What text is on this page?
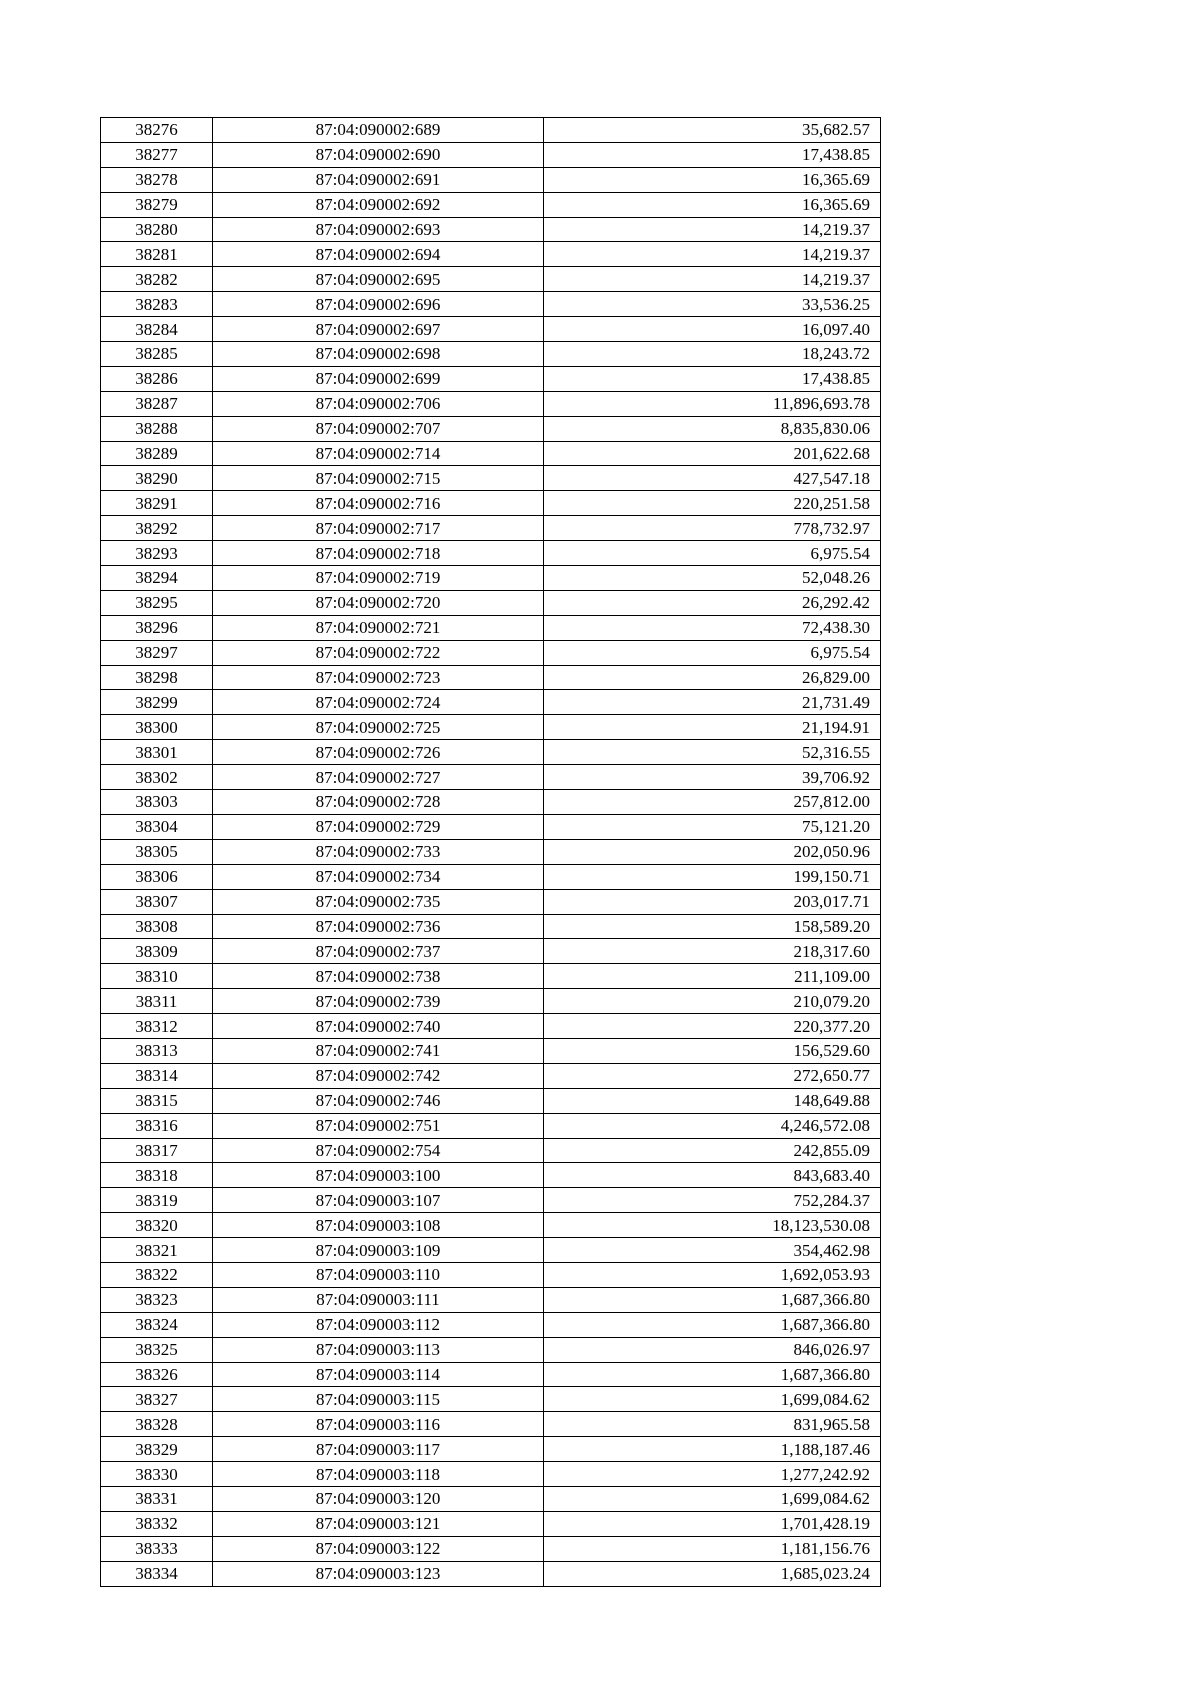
38276	87:04:090002:689	35,682.57
38277	87:04:090002:690	17,438.85
38278	87:04:090002:691	16,365.69
38279	87:04:090002:692	16,365.69
38280	87:04:090002:693	14,219.37
38281	87:04:090002:694	14,219.37
38282	87:04:090002:695	14,219.37
38283	87:04:090002:696	33,536.25
38284	87:04:090002:697	16,097.40
38285	87:04:090002:698	18,243.72
38286	87:04:090002:699	17,438.85
38287	87:04:090002:706	11,896,693.78
38288	87:04:090002:707	8,835,830.06
38289	87:04:090002:714	201,622.68
38290	87:04:090002:715	427,547.18
38291	87:04:090002:716	220,251.58
38292	87:04:090002:717	778,732.97
38293	87:04:090002:718	6,975.54
38294	87:04:090002:719	52,048.26
38295	87:04:090002:720	26,292.42
38296	87:04:090002:721	72,438.30
38297	87:04:090002:722	6,975.54
38298	87:04:090002:723	26,829.00
38299	87:04:090002:724	21,731.49
38300	87:04:090002:725	21,194.91
38301	87:04:090002:726	52,316.55
38302	87:04:090002:727	39,706.92
38303	87:04:090002:728	257,812.00
38304	87:04:090002:729	75,121.20
38305	87:04:090002:733	202,050.96
38306	87:04:090002:734	199,150.71
38307	87:04:090002:735	203,017.71
38308	87:04:090002:736	158,589.20
38309	87:04:090002:737	218,317.60
38310	87:04:090002:738	211,109.00
38311	87:04:090002:739	210,079.20
38312	87:04:090002:740	220,377.20
38313	87:04:090002:741	156,529.60
38314	87:04:090002:742	272,650.77
38315	87:04:090002:746	148,649.88
38316	87:04:090002:751	4,246,572.08
38317	87:04:090002:754	242,855.09
38318	87:04:090003:100	843,683.40
38319	87:04:090003:107	752,284.37
38320	87:04:090003:108	18,123,530.08
38321	87:04:090003:109	354,462.98
38322	87:04:090003:110	1,692,053.93
38323	87:04:090003:111	1,687,366.80
38324	87:04:090003:112	1,687,366.80
38325	87:04:090003:113	846,026.97
38326	87:04:090003:114	1,687,366.80
38327	87:04:090003:115	1,699,084.62
38328	87:04:090003:116	831,965.58
38329	87:04:090003:117	1,188,187.46
38330	87:04:090003:118	1,277,242.92
38331	87:04:090003:120	1,699,084.62
38332	87:04:090003:121	1,701,428.19
38333	87:04:090003:122	1,181,156.76
38334	87:04:090003:123	1,685,023.24
